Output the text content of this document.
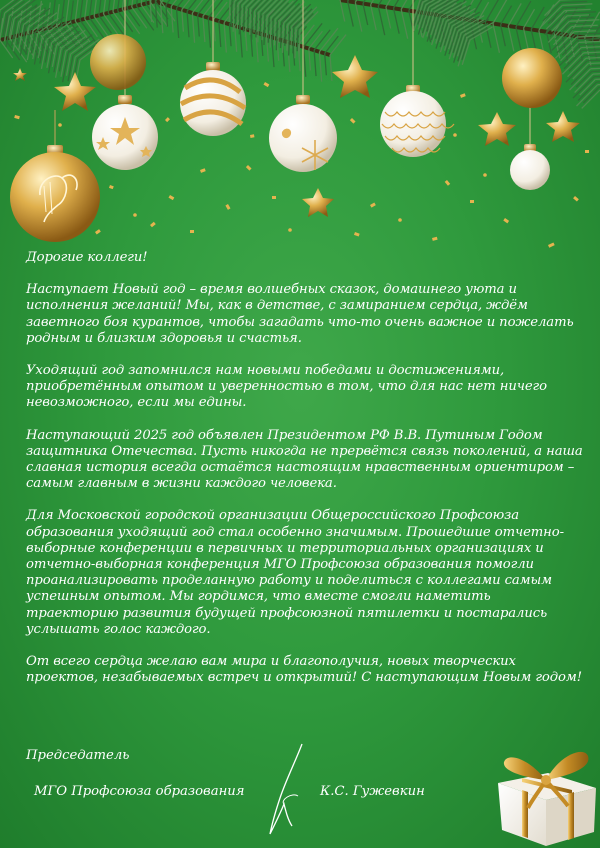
Дорогие коллеги!

Наступает Новый год – время волшебных сказок, домашнего уюта и исполнения желаний! Мы, как в детстве, с замиранием сердца, ждём заветного боя курантов, чтобы загадать что-то очень важное и пожелать родным и близким здоровья и счастья.

Уходящий год запомнился нам новыми победами и достижениями, приобретённым опытом и уверенностью в том, что для нас нет ничего невозможного, если мы едины.

Наступающий 2025 год объявлен Президентом РФ В.В. Путиным Годом защитника Отечества. Пусть никогда не прервётся связь поколений, а наша славная история всегда остаётся настоящим нравственным ориентиром – самым главным в жизни каждого человека.

Для Московской городской организации Общероссийского Профсоюза образования уходящий год стал особенно значимым. Прошедшие отчетно-выборные конференции в первичных и территориальных организациях и отчетно-выборная конференция МГО Профсоюза образования помогли проанализировать проделанную работу и поделиться с коллегами самым успешным опытом. Мы гордимся, что вместе смогли наметить траекторию развития будущей профсоюзной пятилетки и постарались услышать голос каждого.

От всего сердца желаю вам мира и благополучия, новых творческих проектов, незабываемых встреч и открытий! С наступающим Новым годом!

Председатель
МГО Профсоюза образования	К.С. Гужевкин
